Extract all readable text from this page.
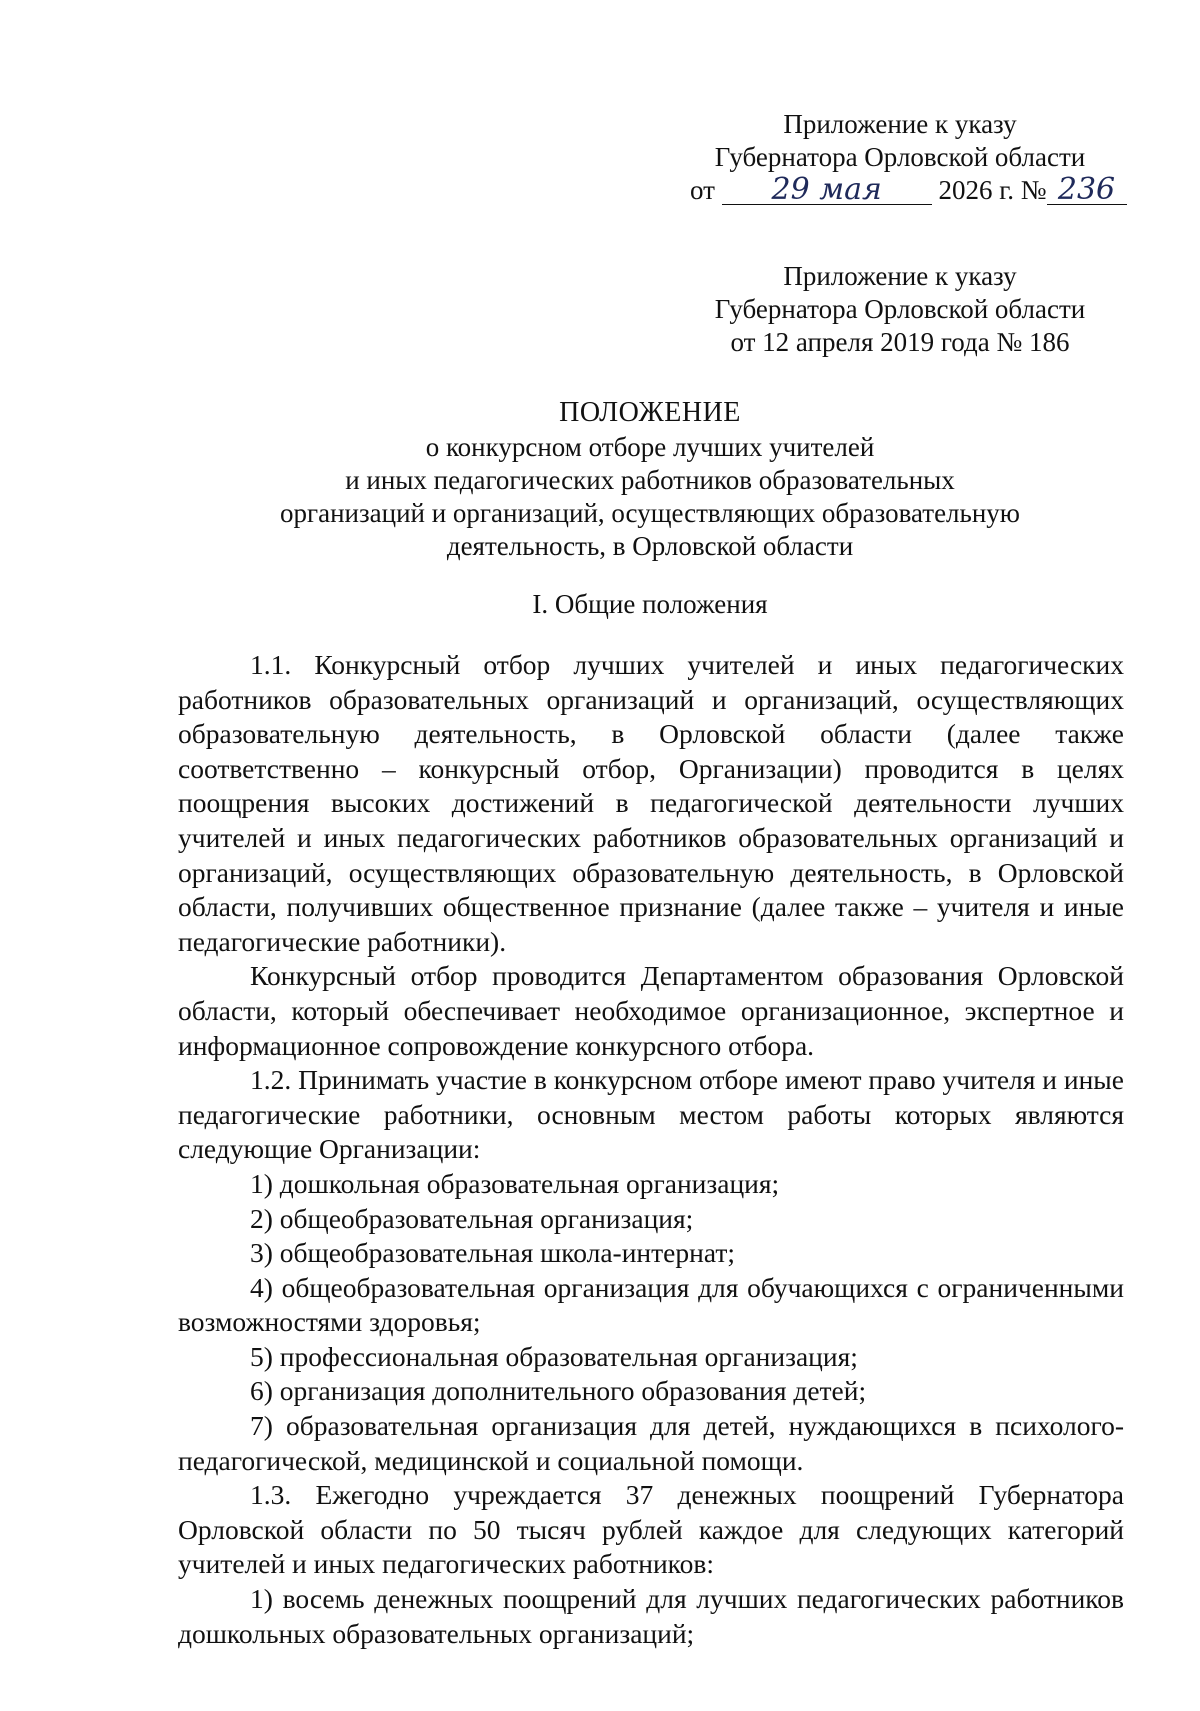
Приложение к указу
Губернатора Орловской области
от 29 мая 2026 г. № 236
Приложение к указу
Губернатора Орловской области
от 12 апреля 2019 года № 186
ПОЛОЖЕНИЕ
о конкурсном отборе лучших учителей
и иных педагогических работников образовательных
организаций и организаций, осуществляющих образовательную
деятельность, в Орловской области
I. Общие положения

1.1. Конкурсный отбор лучших учителей и иных педагогических работников образовательных организаций и организаций, осуществляющих образовательную деятельность, в Орловской области (далее также соответственно – конкурсный отбор, Организации) проводится в целях поощрения высоких достижений в педагогической деятельности лучших учителей и иных педагогических работников образовательных организаций и организаций, осуществляющих образовательную деятельность, в Орловской области, получивших общественное признание (далее также – учителя и иные педагогические работники).

Конкурсный отбор проводится Департаментом образования Орловской области, который обеспечивает необходимое организационное, экспертное и информационное сопровождение конкурсного отбора.

1.2. Принимать участие в конкурсном отборе имеют право учителя и иные педагогические работники, основным местом работы которых являются следующие Организации:

1) дошкольная образовательная организация;

2) общеобразовательная организация;

3) общеобразовательная школа-интернат;

4) общеобразовательная организация для обучающихся с ограниченными возможностями здоровья;

5) профессиональная образовательная организация;

6) организация дополнительного образования детей;

7) образовательная организация для детей, нуждающихся в психолого-педагогической, медицинской и социальной помощи.

1.3. Ежегодно учреждается 37 денежных поощрений Губернатора Орловской области по 50 тысяч рублей каждое для следующих категорий учителей и иных педагогических работников:

1) восемь денежных поощрений для лучших педагогических работников дошкольных образовательных организаций;
